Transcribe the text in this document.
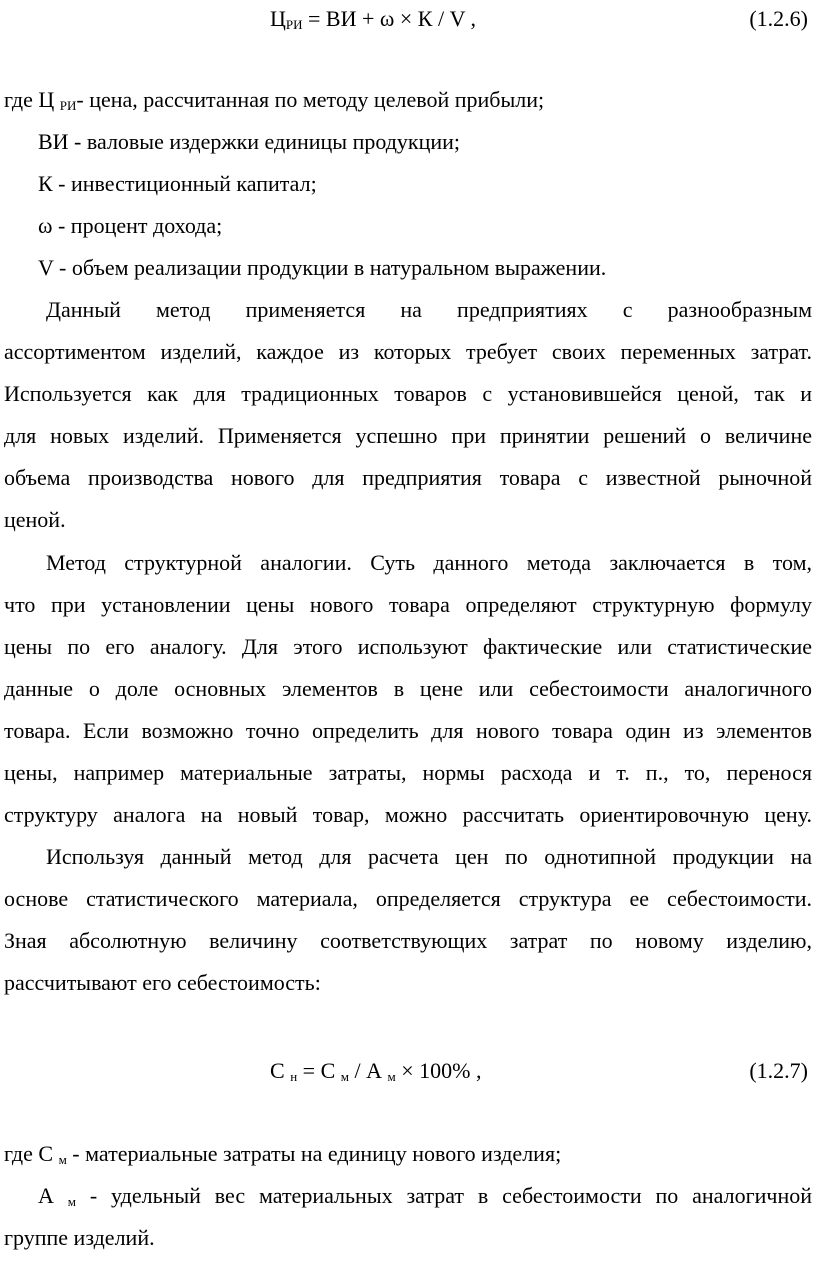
$Ц_{РИ}$ = ВИ + ω × К / V ,	(1.2.6)
где Ц $_{РИ}$- цена, рассчитанная по методу целевой прибыли;
ВИ - валовые издержки единицы продукции;
К - инвестиционный капитал;
ω - процент дохода;
V - объем реализации продукции в натуральном выражении.
Данный метод применяется на предприятиях с разнообразным
ассортиментом изделий, каждое из которых требует своих переменных затрат.
Используется как для традиционных товаров с установившейся ценой, так и
для новых изделий. Применяется успешно при принятии решений о величине
объема производства нового для предприятия товара с известной рыночной
ценой.
Метод структурной аналогии. Суть данного метода заключается в том,
что при установлении цены нового товара определяют структурную формулу
цены по его аналогу. Для этого используют фактические или статистические
данные о доле основных элементов в цене или себестоимости аналогичного
товара. Если возможно точно определить для нового товара один из элементов
цены, например материальные затраты, нормы расхода и т. п., то, перенося
структуру аналога на новый товар, можно рассчитать ориентировочную цену.
Используя данный метод для расчета цен по однотипной продукции на
основе статистического материала, определяется структура ее себестоимости.
Зная абсолютную величину соответствующих затрат по новому изделию,
рассчитывают его себестоимость:
С $_н$ = С $_м$ / А $_м$ × 100% ,	(1.2.7)
где С $_м$ - материальные затраты на единицу нового изделия;
А $_м$ - удельный вес материальных затрат в себестоимости по аналогичной
группе изделий.
